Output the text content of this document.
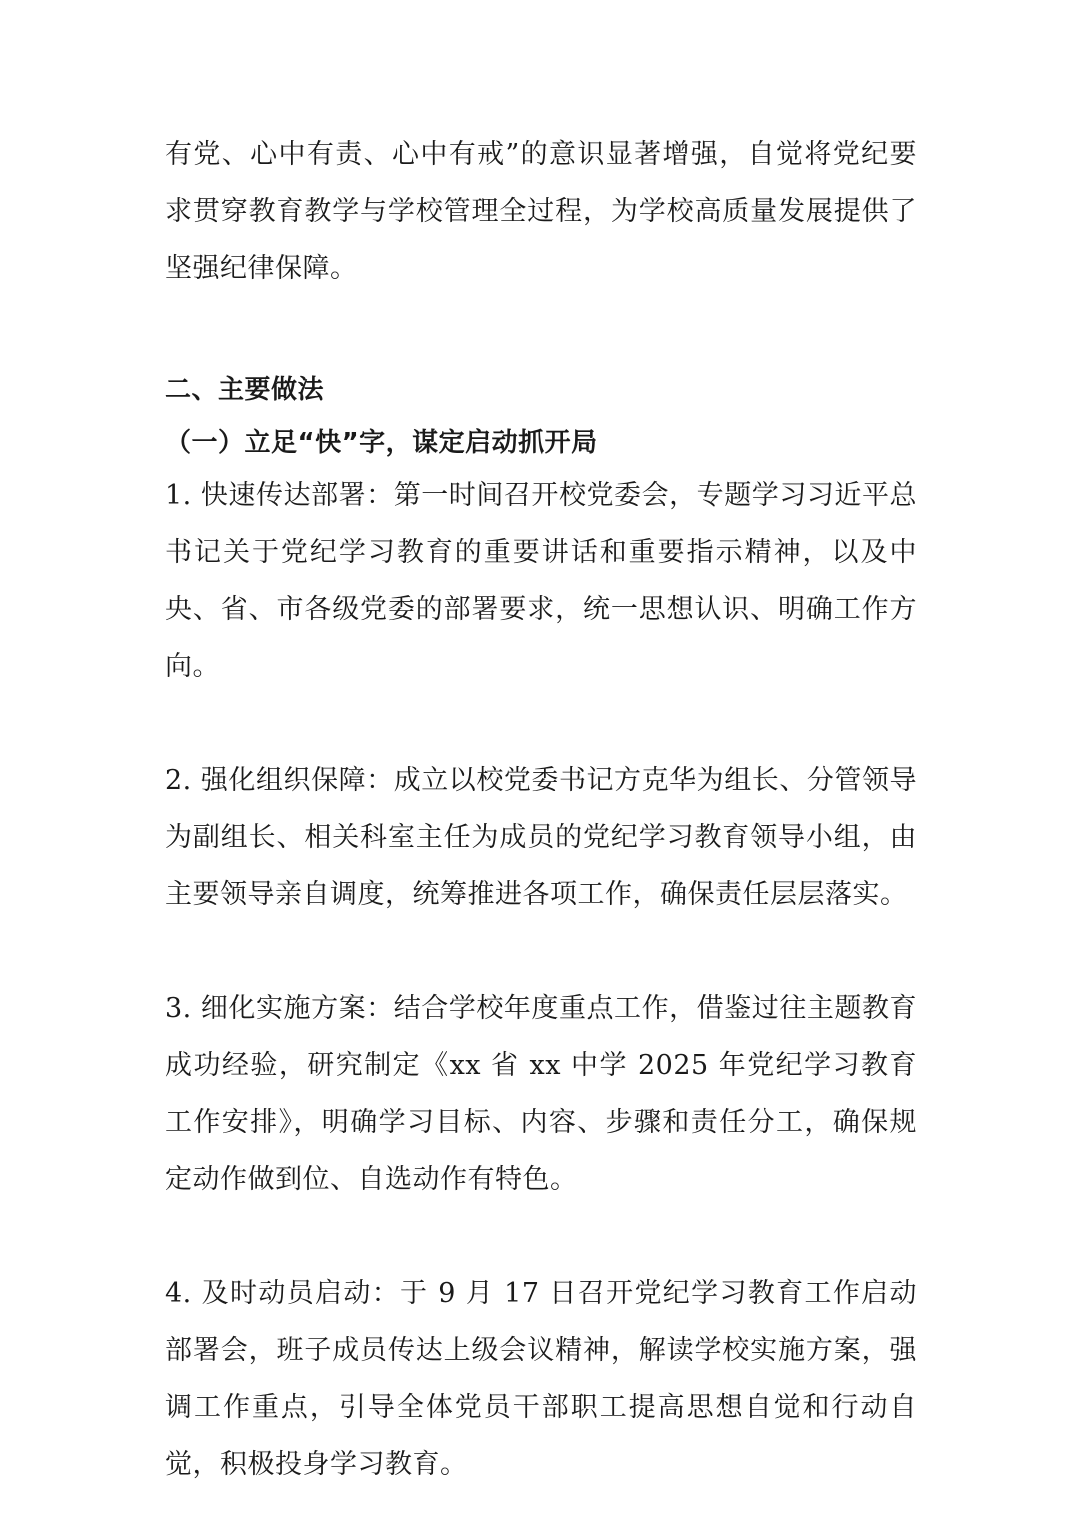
有党、心中有责、心中有戒”的意识显著增强，自觉将党纪要求贯穿教育教学与学校管理全过程，为学校高质量发展提供了坚强纪律保障。

二、主要做法
（一）立足“快”字，谋定启动抓开局

1. 快速传达部署：第一时间召开校党委会，专题学习习近平总书记关于党纪学习教育的重要讲话和重要指示精神，以及中央、省、市各级党委的部署要求，统一思想认识、明确工作方向。

2. 强化组织保障：成立以校党委书记方克华为组长、分管领导为副组长、相关科室主任为成员的党纪学习教育领导小组，由主要领导亲自调度，统筹推进各项工作，确保责任层层落实。

3. 细化实施方案：结合学校年度重点工作，借鉴过往主题教育成功经验，研究制定《xx 省 xx 中学 2025 年党纪学习教育工作安排》，明确学习目标、内容、步骤和责任分工，确保规定动作做到位、自选动作有特色。

4. 及时动员启动：于 9 月 17 日召开党纪学习教育工作启动部署会，班子成员传达上级会议精神，解读学校实施方案，强调工作重点，引导全体党员干部职工提高思想自觉和行动自觉，积极投身学习教育。
